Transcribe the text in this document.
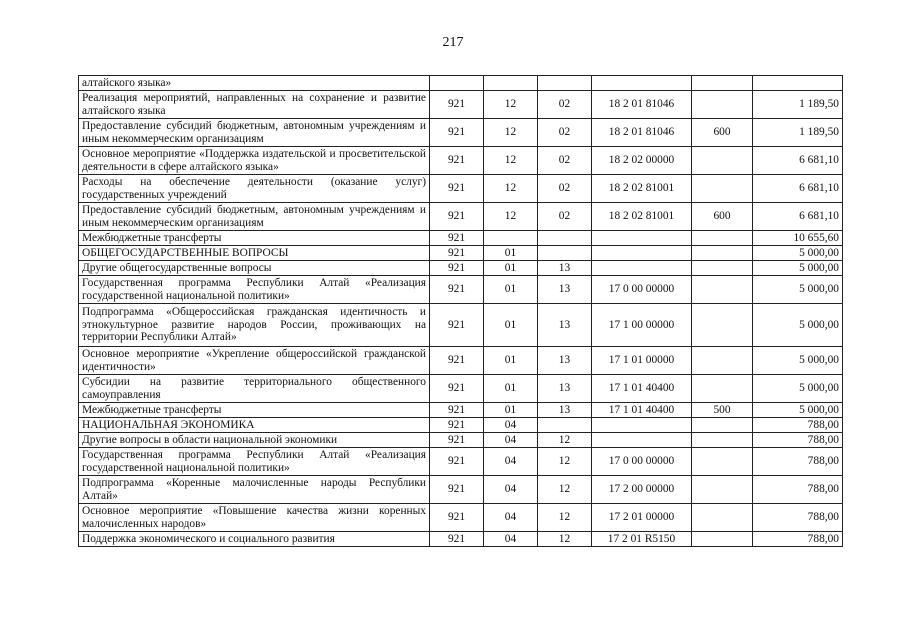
217
алтайского языка»						
Реализация мероприятий, направленных на сохранение и развитие алтайского языка	921	12	02	18 2 01 81046		1 189,50
Предоставление субсидий бюджетным, автономным учреждениям и иным некоммерческим организациям	921	12	02	18 2 01 81046	600	1 189,50
Основное мероприятие «Поддержка издательской и просветительской деятельности в сфере алтайского языка»	921	12	02	18 2 02 00000		6 681,10
Расходы на обеспечение деятельности (оказание услуг) государственных учреждений	921	12	02	18 2 02 81001		6 681,10
Предоставление субсидий бюджетным, автономным учреждениям и иным некоммерческим организациям	921	12	02	18 2 02 81001	600	6 681,10
Межбюджетные трансферты	921					10 655,60
ОБЩЕГОСУДАРСТВЕННЫЕ ВОПРОСЫ	921	01				5 000,00
Другие общегосударственные вопросы	921	01	13			5 000,00
Государственная программа Республики Алтай «Реализация государственной национальной политики»	921	01	13	17 0 00 00000		5 000,00
Подпрограмма «Общероссийская гражданская идентичность и этнокультурное развитие народов России, проживающих на территории Республики Алтай»	921	01	13	17 1 00 00000		5 000,00
Основное мероприятие «Укрепление общероссийской гражданской идентичности»	921	01	13	17 1 01 00000		5 000,00
Субсидии на развитие территориального общественного самоуправления	921	01	13	17 1 01 40400		5 000,00
Межбюджетные трансферты	921	01	13	17 1 01 40400	500	5 000,00
НАЦИОНАЛЬНАЯ ЭКОНОМИКА	921	04				788,00
Другие вопросы в области национальной экономики	921	04	12			788,00
Государственная программа Республики Алтай «Реализация государственной национальной политики»	921	04	12	17 0 00 00000		788,00
Подпрограмма «Коренные малочисленные народы Республики Алтай»	921	04	12	17 2 00 00000		788,00
Основное мероприятие «Повышение качества жизни коренных малочисленных народов»	921	04	12	17 2 01 00000		788,00
Поддержка экономического и социального развития	921	04	12	17 2 01 R5150		788,00
